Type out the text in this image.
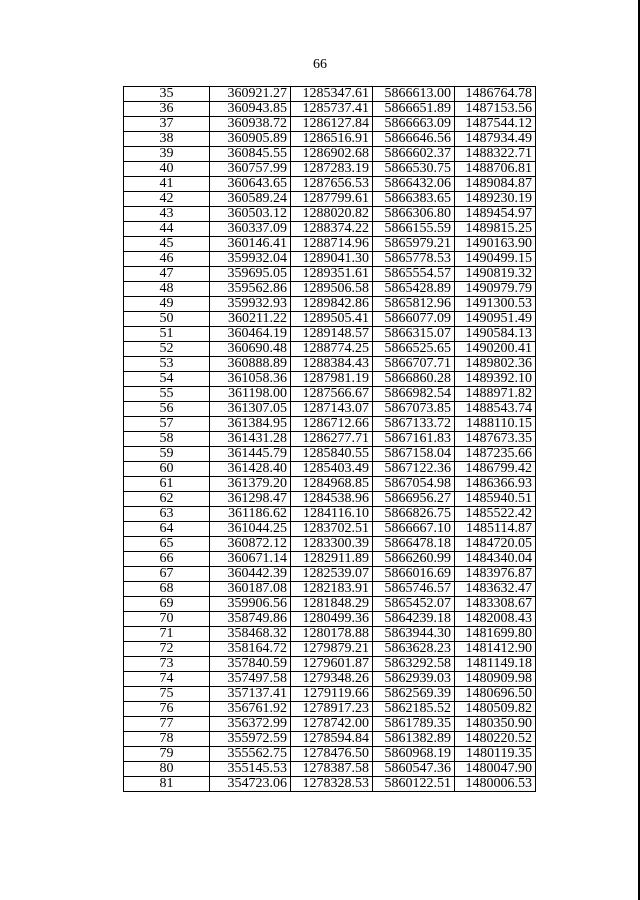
66
35	360921.27	1285347.61	5866613.00	1486764.78
36	360943.85	1285737.41	5866651.89	1487153.56
37	360938.72	1286127.84	5866663.09	1487544.12
38	360905.89	1286516.91	5866646.56	1487934.49
39	360845.55	1286902.68	5866602.37	1488322.71
40	360757.99	1287283.19	5866530.75	1488706.81
41	360643.65	1287656.53	5866432.06	1489084.87
42	360589.24	1287799.61	5866383.65	1489230.19
43	360503.12	1288020.82	5866306.80	1489454.97
44	360337.09	1288374.22	5866155.59	1489815.25
45	360146.41	1288714.96	5865979.21	1490163.90
46	359932.04	1289041.30	5865778.53	1490499.15
47	359695.05	1289351.61	5865554.57	1490819.32
48	359562.86	1289506.58	5865428.89	1490979.79
49	359932.93	1289842.86	5865812.96	1491300.53
50	360211.22	1289505.41	5866077.09	1490951.49
51	360464.19	1289148.57	5866315.07	1490584.13
52	360690.48	1288774.25	5866525.65	1490200.41
53	360888.89	1288384.43	5866707.71	1489802.36
54	361058.36	1287981.19	5866860.28	1489392.10
55	361198.00	1287566.67	5866982.54	1488971.82
56	361307.05	1287143.07	5867073.85	1488543.74
57	361384.95	1286712.66	5867133.72	1488110.15
58	361431.28	1286277.71	5867161.83	1487673.35
59	361445.79	1285840.55	5867158.04	1487235.66
60	361428.40	1285403.49	5867122.36	1486799.42
61	361379.20	1284968.85	5867054.98	1486366.93
62	361298.47	1284538.96	5866956.27	1485940.51
63	361186.62	1284116.10	5866826.75	1485522.42
64	361044.25	1283702.51	5866667.10	1485114.87
65	360872.12	1283300.39	5866478.18	1484720.05
66	360671.14	1282911.89	5866260.99	1484340.04
67	360442.39	1282539.07	5866016.69	1483976.87
68	360187.08	1282183.91	5865746.57	1483632.47
69	359906.56	1281848.29	5865452.07	1483308.67
70	358749.86	1280499.36	5864239.18	1482008.43
71	358468.32	1280178.88	5863944.30	1481699.80
72	358164.72	1279879.21	5863628.23	1481412.90
73	357840.59	1279601.87	5863292.58	1481149.18
74	357497.58	1279348.26	5862939.03	1480909.98
75	357137.41	1279119.66	5862569.39	1480696.50
76	356761.92	1278917.23	5862185.52	1480509.82
77	356372.99	1278742.00	5861789.35	1480350.90
78	355972.59	1278594.84	5861382.89	1480220.52
79	355562.75	1278476.50	5860968.19	1480119.35
80	355145.53	1278387.58	5860547.36	1480047.90
81	354723.06	1278328.53	5860122.51	1480006.53
